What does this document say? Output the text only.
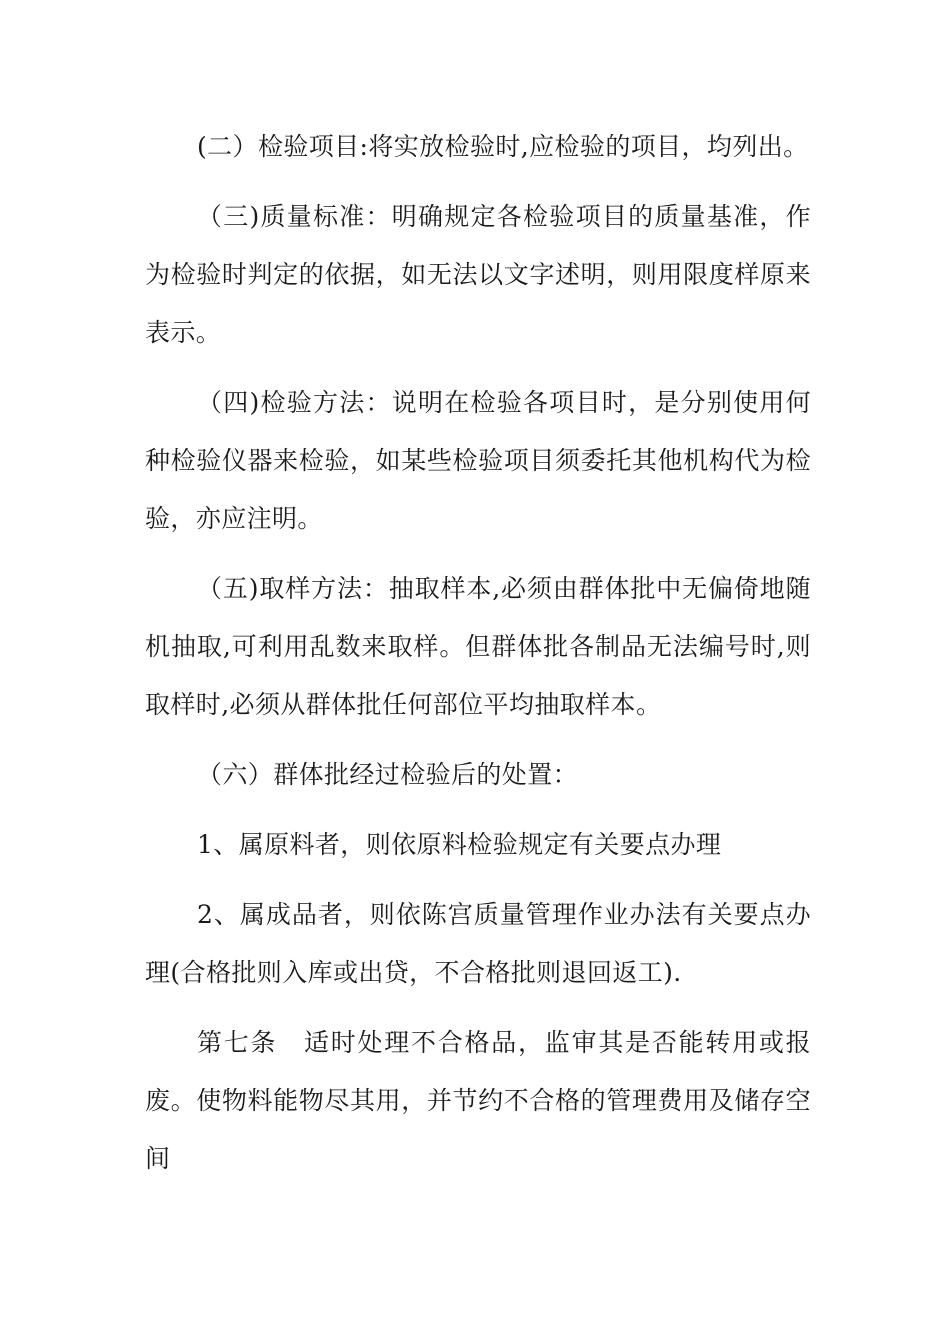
(二）检验项目:将实放检验时,应检验的项目，均列出。

（三)质量标准：明确规定各检验项目的质量基准，作为检验时判定的依据，如无法以文字述明，则用限度样原来表示。

（四)检验方法：说明在检验各项目时，是分别使用何种检验仪器来检验，如某些检验项目须委托其他机构代为检验，亦应注明。

（五)取样方法：抽取样本,必须由群体批中无偏倚地随机抽取,可利用乱数来取样。但群体批各制品无法编号时,则取样时,必须从群体批任何部位平均抽取样本。

（六）群体批经过检验后的处置：

1、属原料者，则依原料检验规定有关要点办理

2、属成品者，则依陈宫质量管理作业办法有关要点办理(合格批则入库或出贷，不合格批则退回返工).

第七条　适时处理不合格品，监审其是否能转用或报废。使物料能物尽其用，并节约不合格的管理费用及储存空间
